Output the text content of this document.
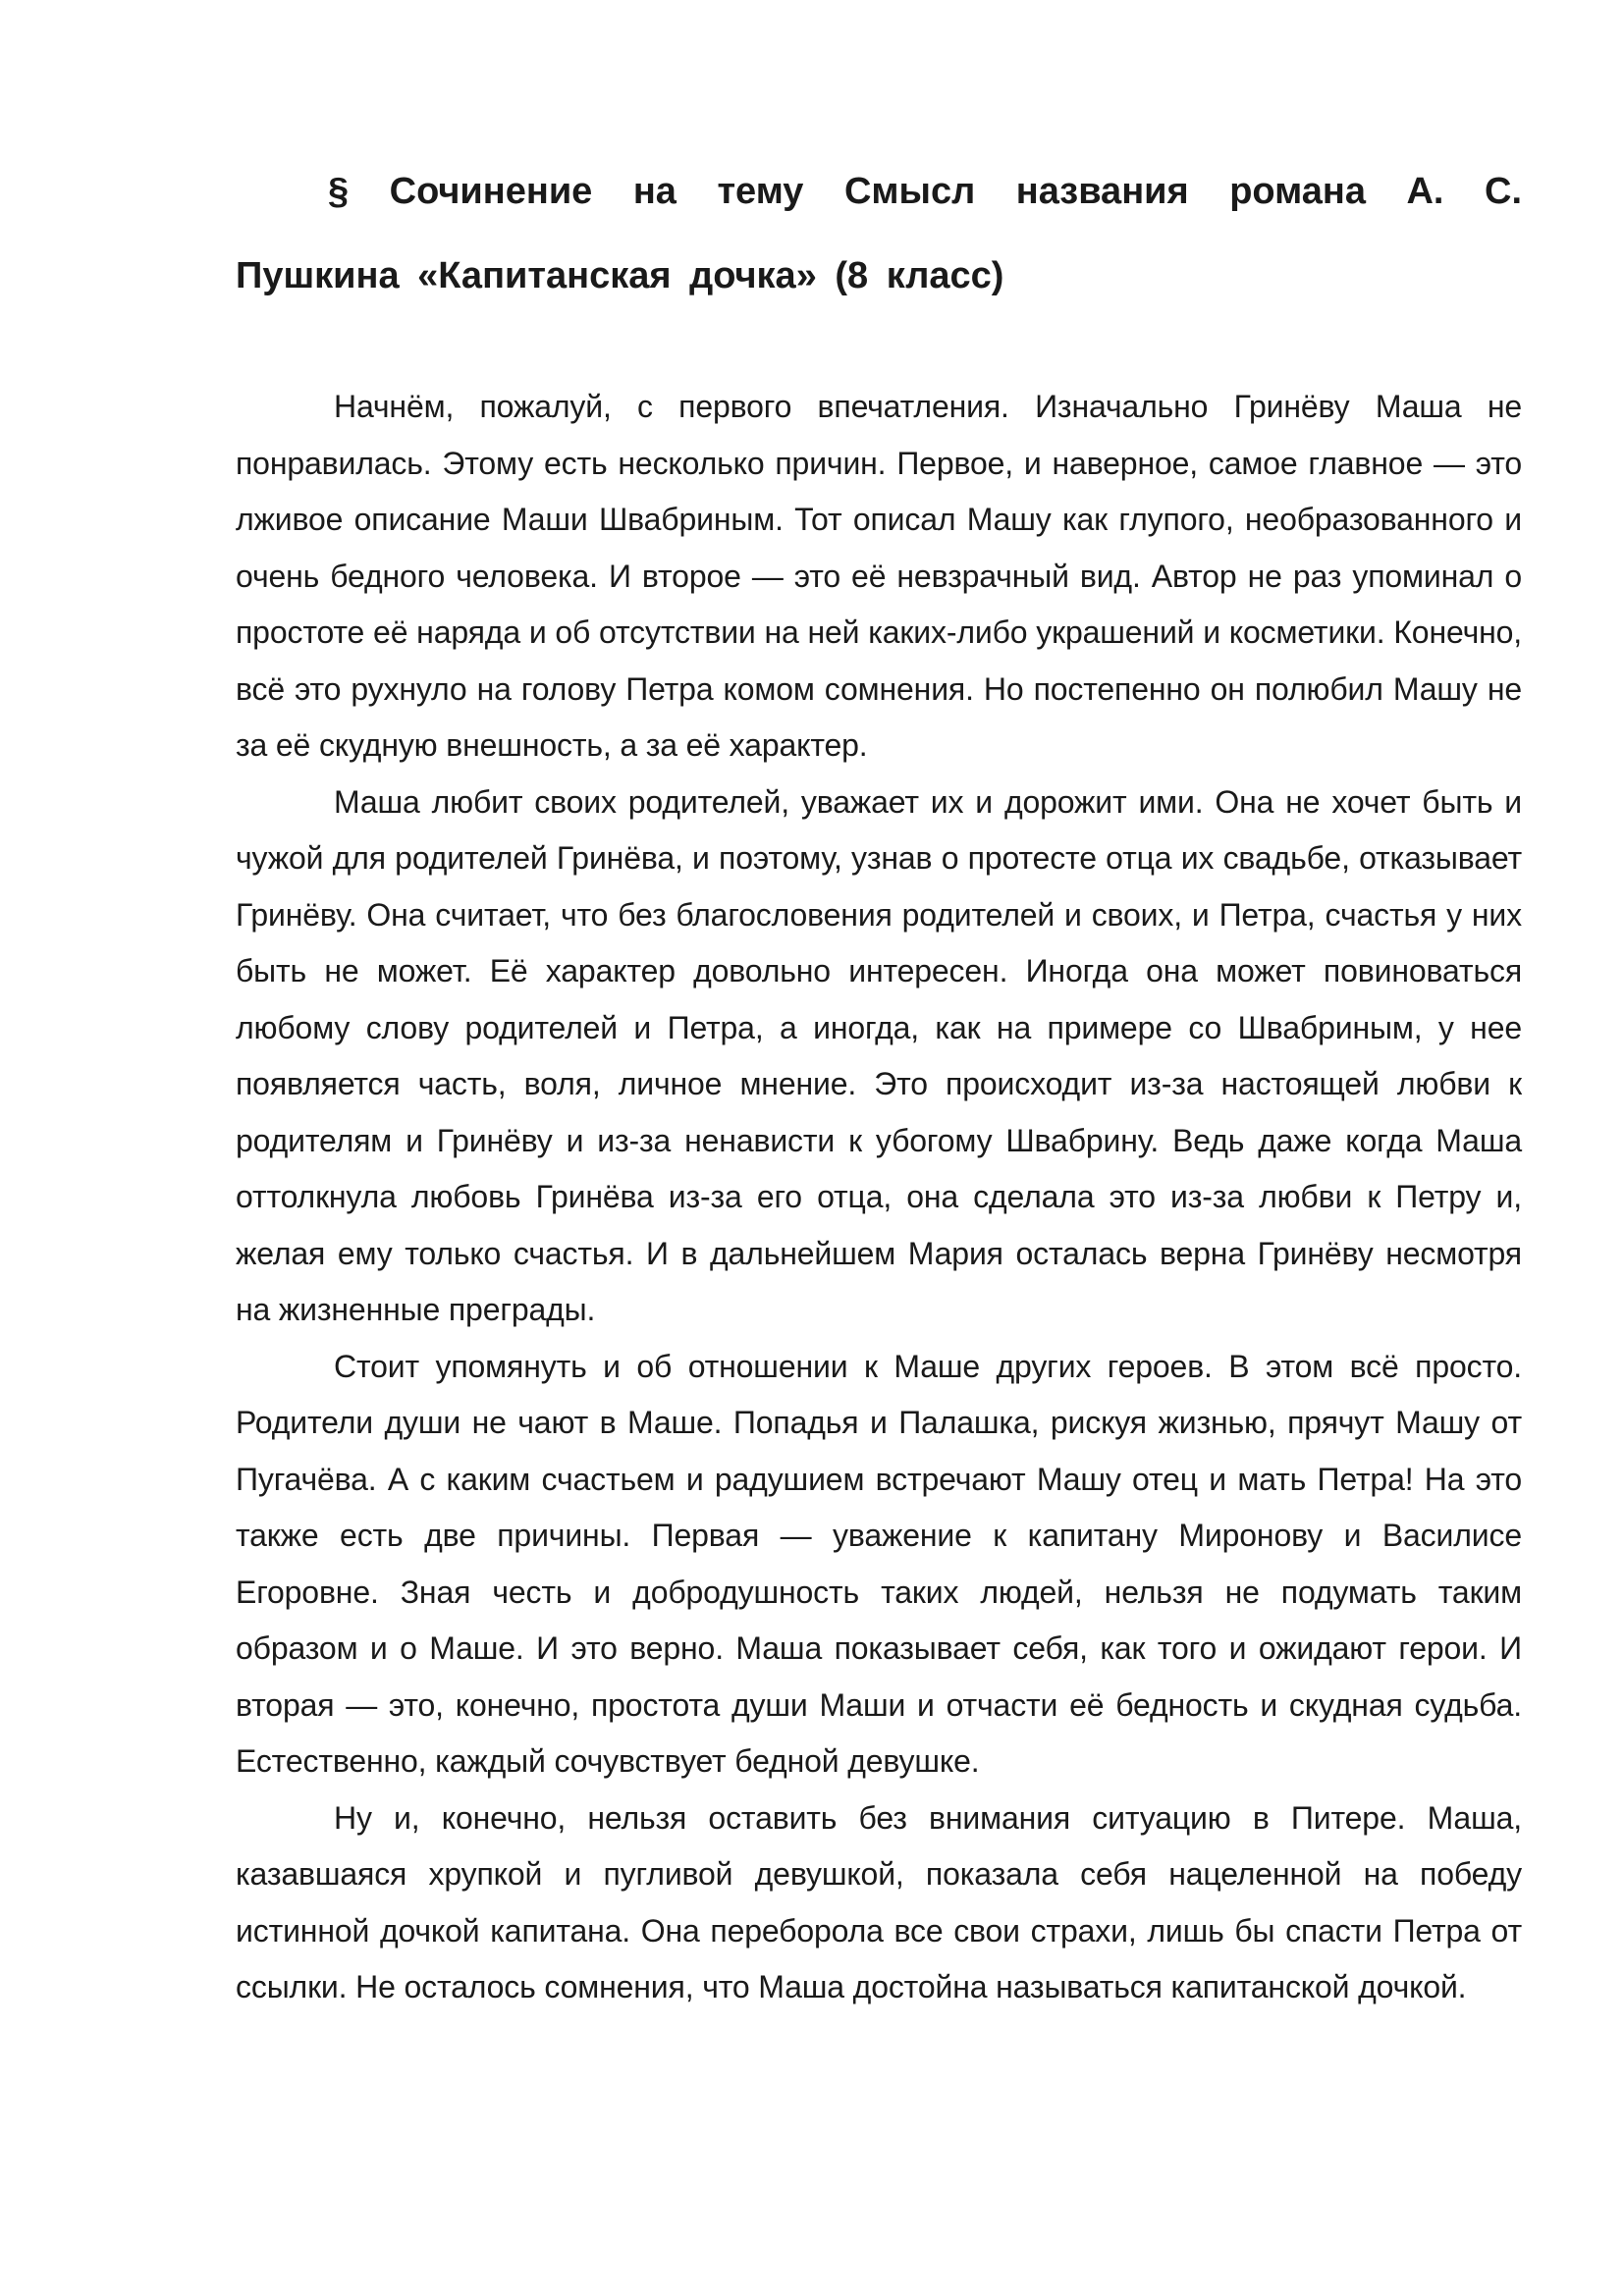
§ Сочинение на тему Смысл названия романа А. С. Пушкина «Капитанская дочка» (8 класс)

Начнём, пожалуй, с первого впечатления. Изначально Гринёву Маша не понравилась. Этому есть несколько причин. Первое, и наверное, самое главное — это лживое описание Маши Швабриным. Тот описал Машу как глупого, необразованного и очень бедного человека. И второе — это её невзрачный вид. Автор не раз упоминал о простоте её наряда и об отсутствии на ней каких-либо украшений и косметики. Конечно, всё это рухнуло на голову Петра комом сомнения. Но постепенно он полюбил Машу не за её скудную внешность, а за её характер.

Маша любит своих родителей, уважает их и дорожит ими. Она не хочет быть и чужой для родителей Гринёва, и поэтому, узнав о протесте отца их свадьбе, отказывает Гринёву. Она считает, что без благословения родителей и своих, и Петра, счастья у них быть не может. Её характер довольно интересен. Иногда она может повиноваться любому слову родителей и Петра, а иногда, как на примере со Швабриным, у нее появляется часть, воля, личное мнение. Это происходит из-за настоящей любви к родителям и Гринёву и из-за ненависти к убогому Швабрину. Ведь даже когда Маша оттолкнула любовь Гринёва из-за его отца, она сделала это из-за любви к Петру и, желая ему только счастья. И в дальнейшем Мария осталась верна Гринёву несмотря на жизненные преграды.

Стоит упомянуть и об отношении к Маше других героев. В этом всё просто. Родители души не чают в Маше. Попадья и Палашка, рискуя жизнью, прячут Машу от Пугачёва. А с каким счастьем и радушием встречают Машу отец и мать Петра! На это также есть две причины. Первая — уважение к капитану Миронову и Василисе Егоровне. Зная честь и добродушность таких людей, нельзя не подумать таким образом и о Маше. И это верно. Маша показывает себя, как того и ожидают герои. И вторая — это, конечно, простота души Маши и отчасти её бедность и скудная судьба. Естественно, каждый сочувствует бедной девушке.

Ну и, конечно, нельзя оставить без внимания ситуацию в Питере. Маша, казавшаяся хрупкой и пугливой девушкой, показала себя нацеленной на победу истинной дочкой капитана. Она переборола все свои страхи, лишь бы спасти Петра от ссылки. Не осталось сомнения, что Маша достойна называться капитанской дочкой.
